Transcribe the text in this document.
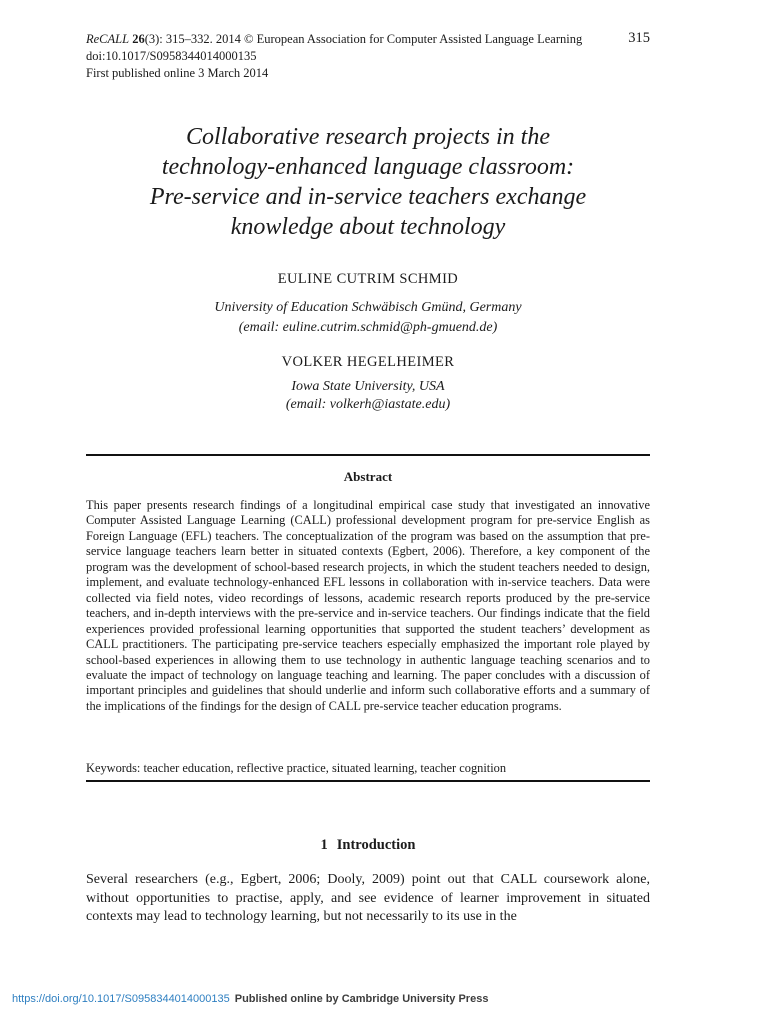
ReCALL 26(3): 315–332. 2014 © European Association for Computer Assisted Language Learning	315
doi:10.1017/S0958344014000135
First published online 3 March 2014
Collaborative research projects in the
technology-enhanced language classroom:
Pre-service and in-service teachers exchange
knowledge about technology
EULINE CUTRIM SCHMID
University of Education Schwäbisch Gmünd, Germany
(email: euline.cutrim.schmid@ph-gmuend.de)
VOLKER HEGELHEIMER
Iowa State University, USA
(email: volkerh@iastate.edu)
Abstract

This paper presents research findings of a longitudinal empirical case study that investigated an innovative Computer Assisted Language Learning (CALL) professional development program for pre-service English as Foreign Language (EFL) teachers. The conceptualization of the program was based on the assumption that pre-service language teachers learn better in situated contexts (Egbert, 2006). Therefore, a key component of the program was the development of school-based research projects, in which the student teachers needed to design, implement, and evaluate technology-enhanced EFL lessons in collaboration with in-service teachers. Data were collected via field notes, video recordings of lessons, academic research reports produced by the pre-service teachers, and in-depth interviews with the pre-service and in-service teachers. Our findings indicate that the field experiences provided professional learning opportunities that supported the student teachers’ development as CALL practitioners. The participating pre-service teachers especially emphasized the important role played by school-based experiences in allowing them to use technology in authentic language teaching scenarios and to evaluate the impact of technology on language teaching and learning. The paper concludes with a discussion of important principles and guidelines that should underlie and inform such collaborative efforts and a summary of the implications of the findings for the design of CALL pre-service teacher education programs.

Keywords: teacher education, reflective practice, situated learning, teacher cognition

1 Introduction

Several researchers (e.g., Egbert, 2006; Dooly, 2009) point out that CALL coursework alone, without opportunities to practise, apply, and see evidence of learner improvement in situated contexts may lead to technology learning, but not necessarily to its use in the

https://doi.org/10.1017/S0958344014000135 Published online by Cambridge University Press
